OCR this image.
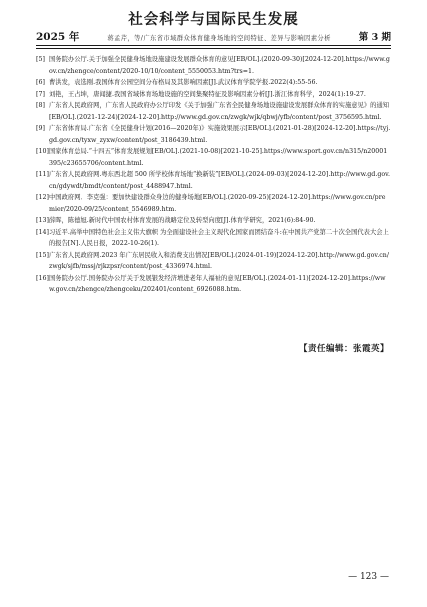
社会科学与国际民生发展
2025 年	蒋孟芹，等/广东省市域群众体育健身场地的空间特征、差异与影响因素分析	第 3 期
[5] 国务院办公厅.关于加强全民健身场地设施建设发展群众体育的意见[EB/OL].(2020-09-30)[2024-12-20].https://www.gov.cn/zhengce/content/2020-10/10/content_5550053.htm?trs=1.
[6] 曹洪发，袁选刚.我国体育公园空间分布格局及其影响因素[J].武汉体育学院学报.2022(4):55-56.
[7] 刘艳，王占坤，唐闻捷.我国省域体育场地设施的空间集聚特征及影响因素分析[J].浙江体育科学，2024(1):19-27.
[8] 广东省人民政府网，广东省人民政府办公厅印发《关于加强广东省全民健身场地设施建设发展群众体育的实施意见》的通知[EB/OL].(2021-12-24)[2024-12-20].http://www.gd.gov.cn/zwgk/wjk/qbwj/yfb/content/post_3756595.html.
[9] 广东省体育局.广东省《全民健身计划(2016—2020年)》实施效果展示[EB/OL].(2021-01-28)[2024-12-20].https://tyj.gd.gov.cn/tyxw_zyxw/content/post_3186439.html.
[10] 国家体育总局.“十四五”体育发展规划[EB/OL].(2021-10-08)[2021-10-25].https://www.sport.gov.cn/n315/n20001395/c23655706/content.html.
[11] 广东省人民政府网.粤东西北超 500 所学校体育场地“换新装”[EB/OL].(2024-09-03)[2024-12-20].http://www.gd.gov.cn/gdywdt/bmdt/content/post_4488947.html.
[12] 中国政府网．李克强：要加快建设群众身边的健身场地[EB/OL].(2020-09-25)[2024-12-20].https://www.gov.cn/premier/2020-09/25/content_5546989.htm.
[13] 薛晖，陈德旭.新时代中国农村体育发展的战略定位及转型向度[J].体育学研究，2021(6):84-90.
[14] 习近平.高举中国特色社会主义伟大旗帜 为全面建设社会主义现代化国家而团结奋斗:在中国共产党第二十次全国代表大会上的报告[N].人民日报，2022-10-26(1).
[15] 广东省人民政府网.2023 年广东居民收入和消费支出情况[EB/OL].(2024-01-19)[2024-12-20].http://www.gd.gov.cn/zwgk/sjfb/mssj/rjkzpsr/content/post_4336974.html.
[16] 国务院办公厅.国务院办公厅关于发展银发经济增进老年人福祉的意见[EB/OL].(2024-01-11)[2024-12-20].https://www.gov.cn/zhengce/zhengceku/202401/content_6926088.htm.
【责任编辑：张霞英】
— 123 —
